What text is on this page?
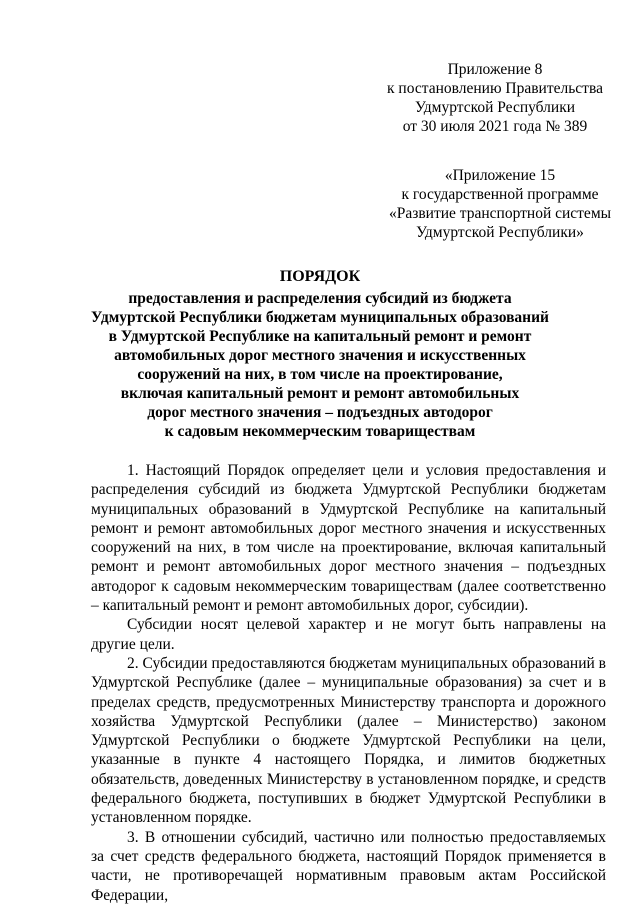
Приложение 8
к постановлению Правительства
Удмуртской Республики
от 30 июля 2021 года № 389
«Приложение 15
к государственной программе
«Развитие транспортной системы
Удмуртской Республики»
ПОРЯДОК
предоставления и распределения субсидий из бюджета
Удмуртской Республики бюджетам муниципальных образований
в Удмуртской Республике на капитальный ремонт и ремонт
автомобильных дорог местного значения и искусственных
сооружений на них, в том числе на проектирование,
включая капитальный ремонт и ремонт автомобильных
дорог местного значения – подъездных автодорог
к садовым некоммерческим товариществам

1. Настоящий Порядок определяет цели и условия предоставления и распределения субсидий из бюджета Удмуртской Республики бюджетам муниципальных образований в Удмуртской Республике на капитальный ремонт и ремонт автомобильных дорог местного значения и искусственных сооружений на них, в том числе на проектирование, включая капитальный ремонт и ремонт автомобильных дорог местного значения – подъездных автодорог к садовым некоммерческим товариществам (далее соответственно – капитальный ремонт и ремонт автомобильных дорог, субсидии).

Субсидии носят целевой характер и не могут быть направлены на другие цели.

2. Субсидии предоставляются бюджетам муниципальных образований в Удмуртской Республике (далее – муниципальные образования) за счет и в пределах средств, предусмотренных Министерству транспорта и дорожного хозяйства Удмуртской Республики (далее – Министерство) законом Удмуртской Республики о бюджете Удмуртской Республики на цели, указанные в пункте 4 настоящего Порядка, и лимитов бюджетных обязательств, доведенных Министерству в установленном порядке, и средств федерального бюджета, поступивших в бюджет Удмуртской Республики в установленном порядке.

3. В отношении субсидий, частично или полностью предоставляемых за счет средств федерального бюджета, настоящий Порядок применяется в части, не противоречащей нормативным правовым актам Российской Федерации,
